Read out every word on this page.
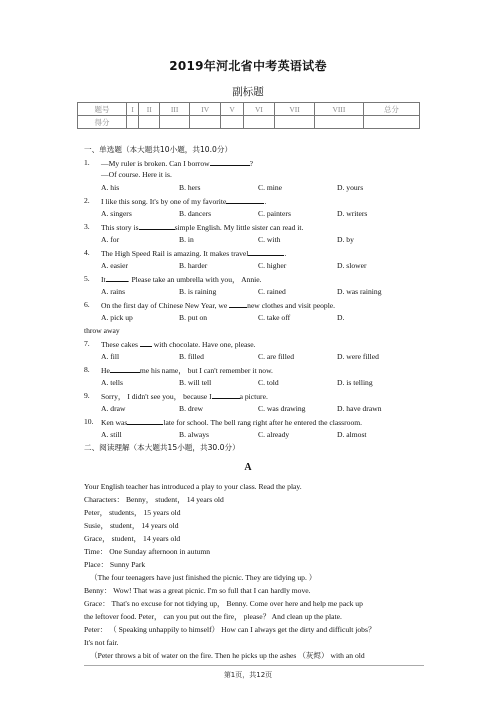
2019年河北省中考英语试卷
副标题
题号	I	II	III	IV	V	VI	VII	VIII	总分
得分									
一、单选题（本大题共10小题，共10.0分）
1. —My ruler is broken. Can I borrow	?
—Of course. Here it is.
A. his	B. hers	C. mine	D. yours
2. I like this song. It's by one of my favorite	.
A. singers	B. dancers	C. painters	D. writers
3. This story is	simple English. My little sister can read it.
A. for	B. in	C. with	D. by
4. The High Speed Rail is amazing. It makes travel	.
A. easier	B. harder	C. higher	D. slower
5. It	. Please take an umbrella with you， Annie.
A. rains	B. is raining	C. rained	D. was raining
6. On the first day of Chinese New Year, we	new clothes and visit people.
A. pick up	B. put on	C. take off	D.
throw away
7. These cakes with chocolate. Have one, please.
A. fill	B. filled	C. are filled	D. were filled
8. He	me his name， but I can't remember it now.
A. tells	B. will tell	C. told	D. is telling
9. Sorry， I didn't see you， because I	a picture.
A. draw	B. drew	C. was drawing	D. have drawn
10. Ken was	late for school. The bell rang right after he entered the classroom.
A. still	B. always	C. already	D. almost
二、阅读理解（本大题共15小题，共30.0分）
A
Your English teacher has introduced a play to your class. Read the play.
Characters： Benny， student， 14 years old
Peter， students， 15 years old
Susie， student， 14 years old
Grace， student， 14 years old
Time： One Sunday afternoon in autumn
Place： Sunny Park
（The four teenagers have just finished the picnic. They are tidying up. ）
Benny： Wow! That was a great picnic. I'm so full that I can hardly move.
Grace： That's no excuse for not tidying up， Benny. Come over here and help me pack up
the leftover food. Peter， can you put out the fire， please？ And clean up the plate.
Peter： （ Speaking unhappily to himself） How can I always get the dirty and difficult jobs？
It's not fair.
（Peter throws a bit of water on the fire. Then he picks up the ashes （灰烬） with an old
第1页，共12页
